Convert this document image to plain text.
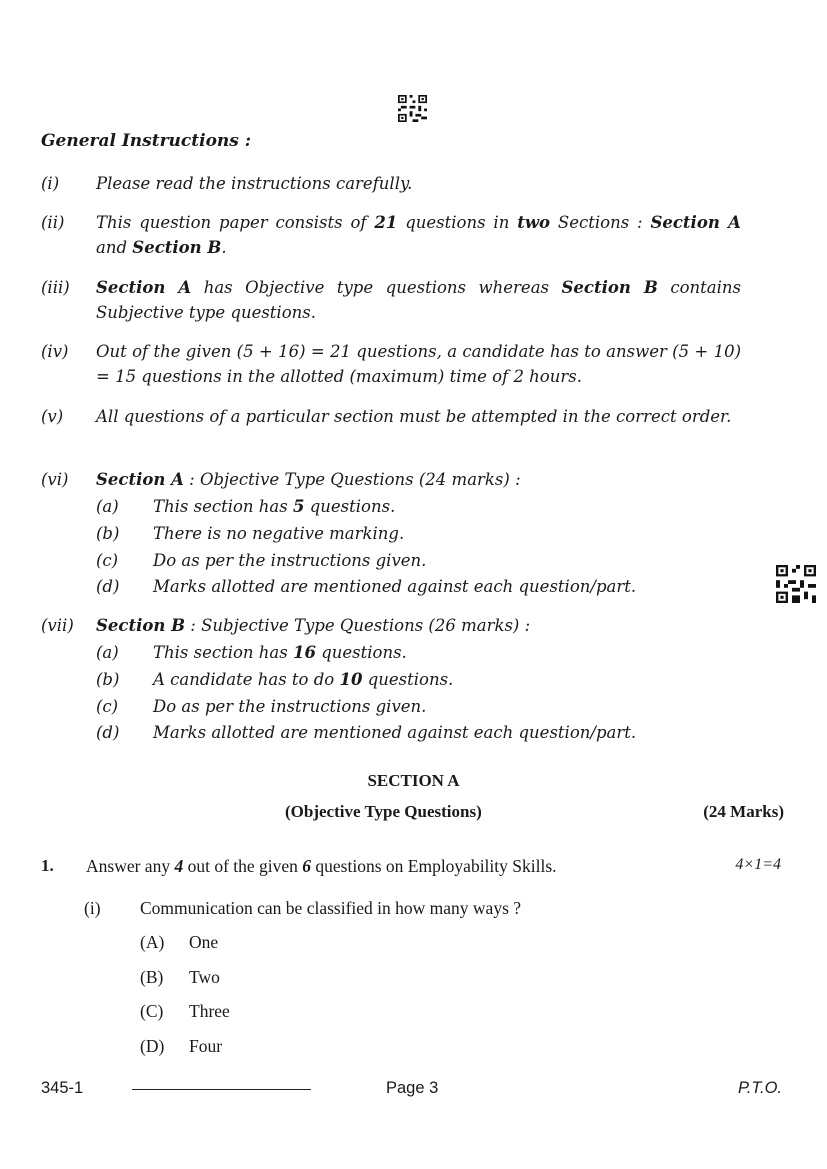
General Instructions :
(i)	Please read the instructions carefully.
(ii)	This question paper consists of 21 questions in two Sections : Section A and Section B.
(iii)	Section A has Objective type questions whereas Section B contains Subjective type questions.
(iv)	Out of the given (5 + 16) = 21 questions, a candidate has to answer (5 + 10) = 15 questions in the allotted (maximum) time of 2 hours.
(v)	All questions of a particular section must be attempted in the correct order.
(vi)	Section A : Objective Type Questions (24 marks) :
(vii)	Section B : Subjective Type Questions (26 marks) :
(a) This section has 5 questions.
(b) There is no negative marking.
(c) Do as per the instructions given.
(d) Marks allotted are mentioned against each question/part.
(a) This section has 16 questions.
(b) A candidate has to do 10 questions.
(c) Do as per the instructions given.
(d) Marks allotted are mentioned against each question/part.
SECTION A
(Objective Type Questions)	(24 Marks)
1. Answer any 4 out of the given 6 questions on Employability Skills.	4×1=4
(i) Communication can be classified in how many ways ?
(A) One
(B) Two
(C) Three
(D) Four
345-1	Page 3	P.T.O.
